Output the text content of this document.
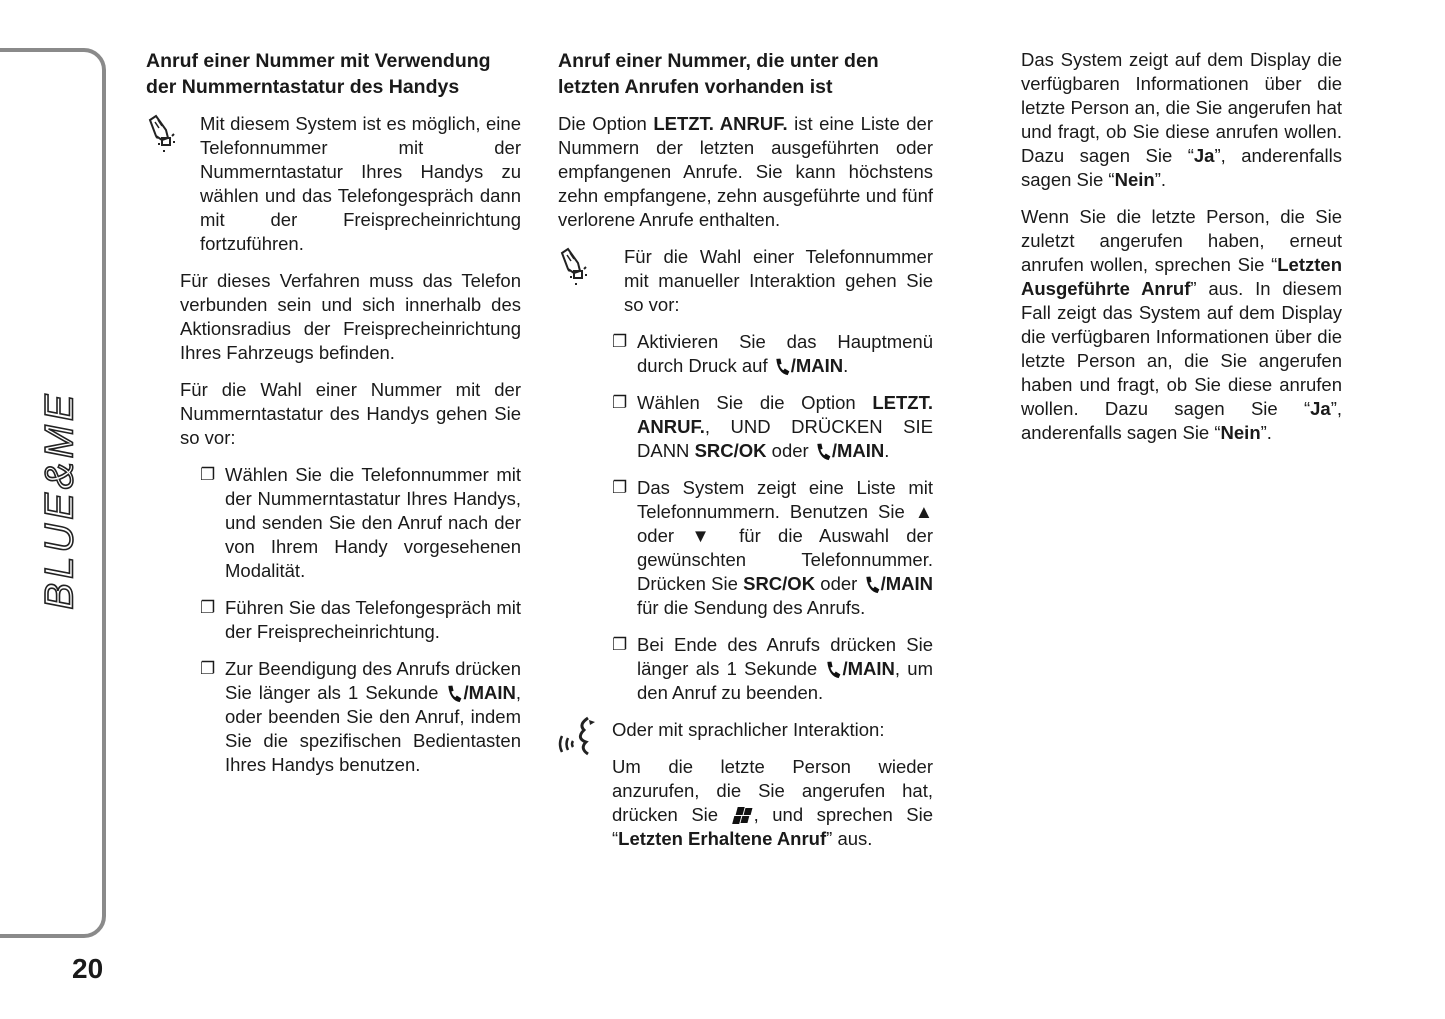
BLUE&ME
20
Anruf einer Nummer mit Verwendung der Nummerntastatur des Handys

Mit diesem System ist es möglich, eine Telefonnummer mit der Nummerntastatur Ihres Handys zu wählen und das Telefongespräch dann mit der Freisprecheinrichtung fortzuführen.

Für dieses Verfahren muss das Telefon verbunden sein und sich innerhalb des Aktionsradius der Freisprecheinrichtung Ihres Fahrzeugs befinden.

Für die Wahl einer Nummer mit der Nummerntastatur des Handys gehen Sie so vor:

❐ Wählen Sie die Telefonnummer mit der Nummerntastatur Ihres Handys, und senden Sie den Anruf nach der von Ihrem Handy vorgesehenen Modalität.

❐ Führen Sie das Telefongespräch mit der Freisprecheinrichtung.

❐ Zur Beendigung des Anrufs drücken Sie länger als 1 Sekunde /MAIN, oder beenden Sie den Anruf, indem Sie die spezifischen Bedientasten Ihres Handys benutzen.

Anruf einer Nummer, die unter den letzten Anrufen vorhanden ist

Die Option LETZT. ANRUF. ist eine Liste der Nummern der letzten ausgeführten oder empfangenen Anrufe. Sie kann höchstens zehn empfangene, zehn ausgeführte und fünf verlorene Anrufe enthalten.

Für die Wahl einer Telefonnummer mit manueller Interaktion gehen Sie so vor:

❐ Aktivieren Sie das Hauptmenü durch Druck auf /MAIN.

❐ Wählen Sie die Option LETZT. ANRUF., UND DRÜCKEN SIE DANN SRC/OK oder /MAIN.

❐ Das System zeigt eine Liste mit Telefonnummern. Benutzen Sie ▲ oder ▼ für die Auswahl der gewünschten Telefonnummer. Drücken Sie SRC/OK oder /MAIN für die Sendung des Anrufs.

❐ Bei Ende des Anrufs drücken Sie länger als 1 Sekunde /MAIN, um den Anruf zu beenden.

Oder mit sprachlicher Interaktion:

Um die letzte Person wieder anzurufen, die Sie angerufen hat, drücken Sie , und sprechen Sie “Letzten Erhaltene Anruf” aus.

Das System zeigt auf dem Display die verfügbaren Informationen über die letzte Person an, die Sie angerufen hat und fragt, ob Sie diese anrufen wollen. Dazu sagen Sie “Ja”, anderenfalls sagen Sie “Nein”.

Wenn Sie die letzte Person, die Sie zuletzt angerufen haben, erneut anrufen wollen, sprechen Sie “Letzten Ausgeführte Anruf” aus. In diesem Fall zeigt das System auf dem Display die verfügbaren Informationen über die letzte Person an, die Sie angerufen haben und fragt, ob Sie diese anrufen wollen. Dazu sagen Sie “Ja”, anderenfalls sagen Sie “Nein”.
